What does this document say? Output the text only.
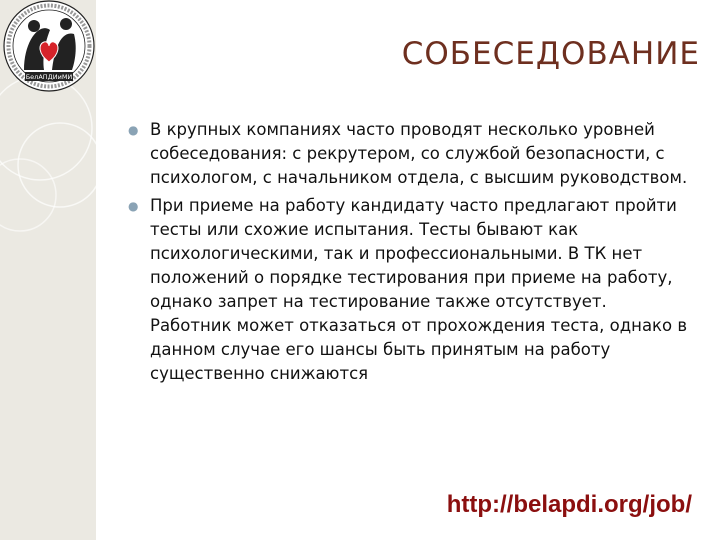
БелАПДИиМИ
СОБЕСЕДОВАНИЕ
● В крупных компаниях часто проводят несколько уровней собеседования: с рекрутером, со службой безопасности, с психологом, с начальником отдела, с высшим руководством.
● При приеме на работу кандидату часто предлагают пройти тесты или схожие испытания. Тесты бывают как психологическими, так и профессиональными. В ТК нет положений о порядке тестирования при приеме на работу, однако запрет на тестирование также отсутствует. Работник может отказаться от прохождения теста, однако в данном случае его шансы быть принятым на работу существенно снижаются
http://belapdi.org/job/
